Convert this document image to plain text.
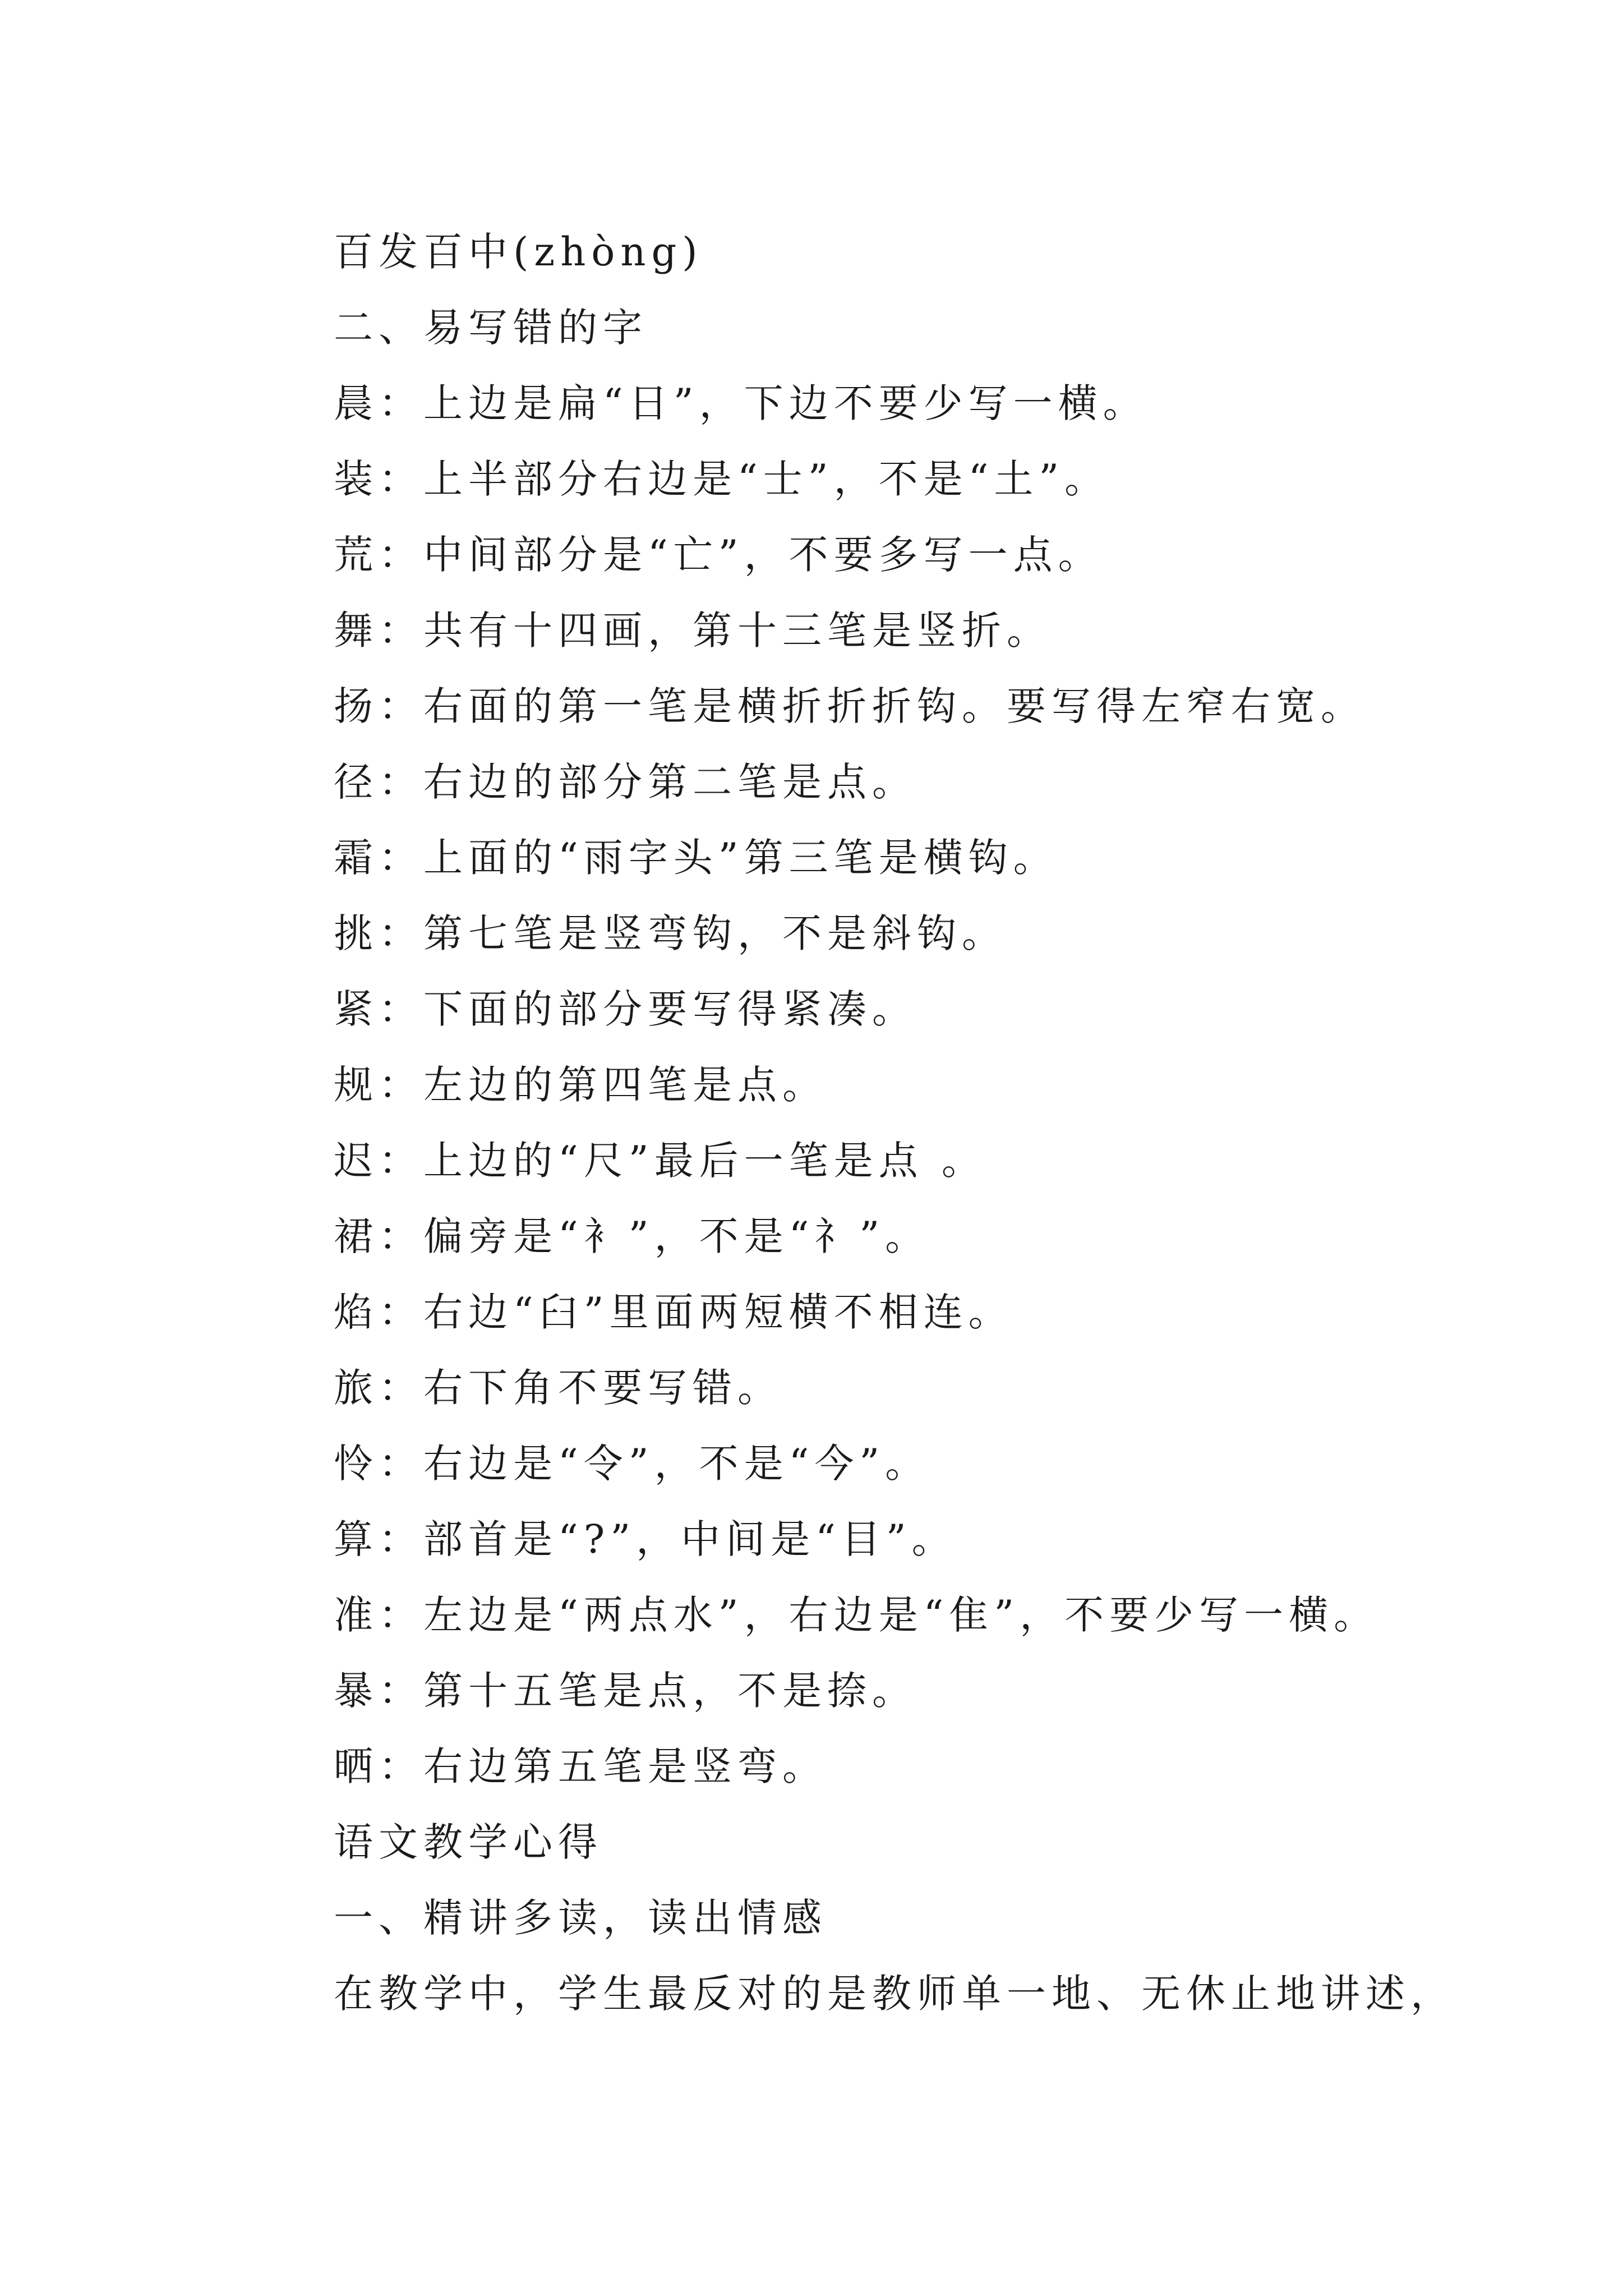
百发百中(zhòng)
二、易写错的字
晨：上边是扁“日”，下边不要少写一横。
装：上半部分右边是“士”，不是“土”。
荒：中间部分是“亡”，不要多写一点。
舞：共有十四画，第十三笔是竖折。
扬：右面的第一笔是横折折折钩。要写得左窄右宽。
径：右边的部分第二笔是点。
霜：上面的“雨字头”第三笔是横钩。
挑：第七笔是竖弯钩，不是斜钩。
紧：下面的部分要写得紧凑。
规：左边的第四笔是点。
迟：上边的“尺”最后一笔是点 。
裙：偏旁是“衤”，不是“礻”。
焰：右边“臼”里面两短横不相连。
旅：右下角不要写错。
怜：右边是“令”，不是“今”。
算：部首是“?”，中间是“目”。
准：左边是“两点水”，右边是“隹”，不要少写一横。
暴：第十五笔是点，不是捺。
晒：右边第五笔是竖弯。
语文教学心得
一、精讲多读，读出情感
在教学中，学生最反对的是教师单一地、无休止地讲述，
